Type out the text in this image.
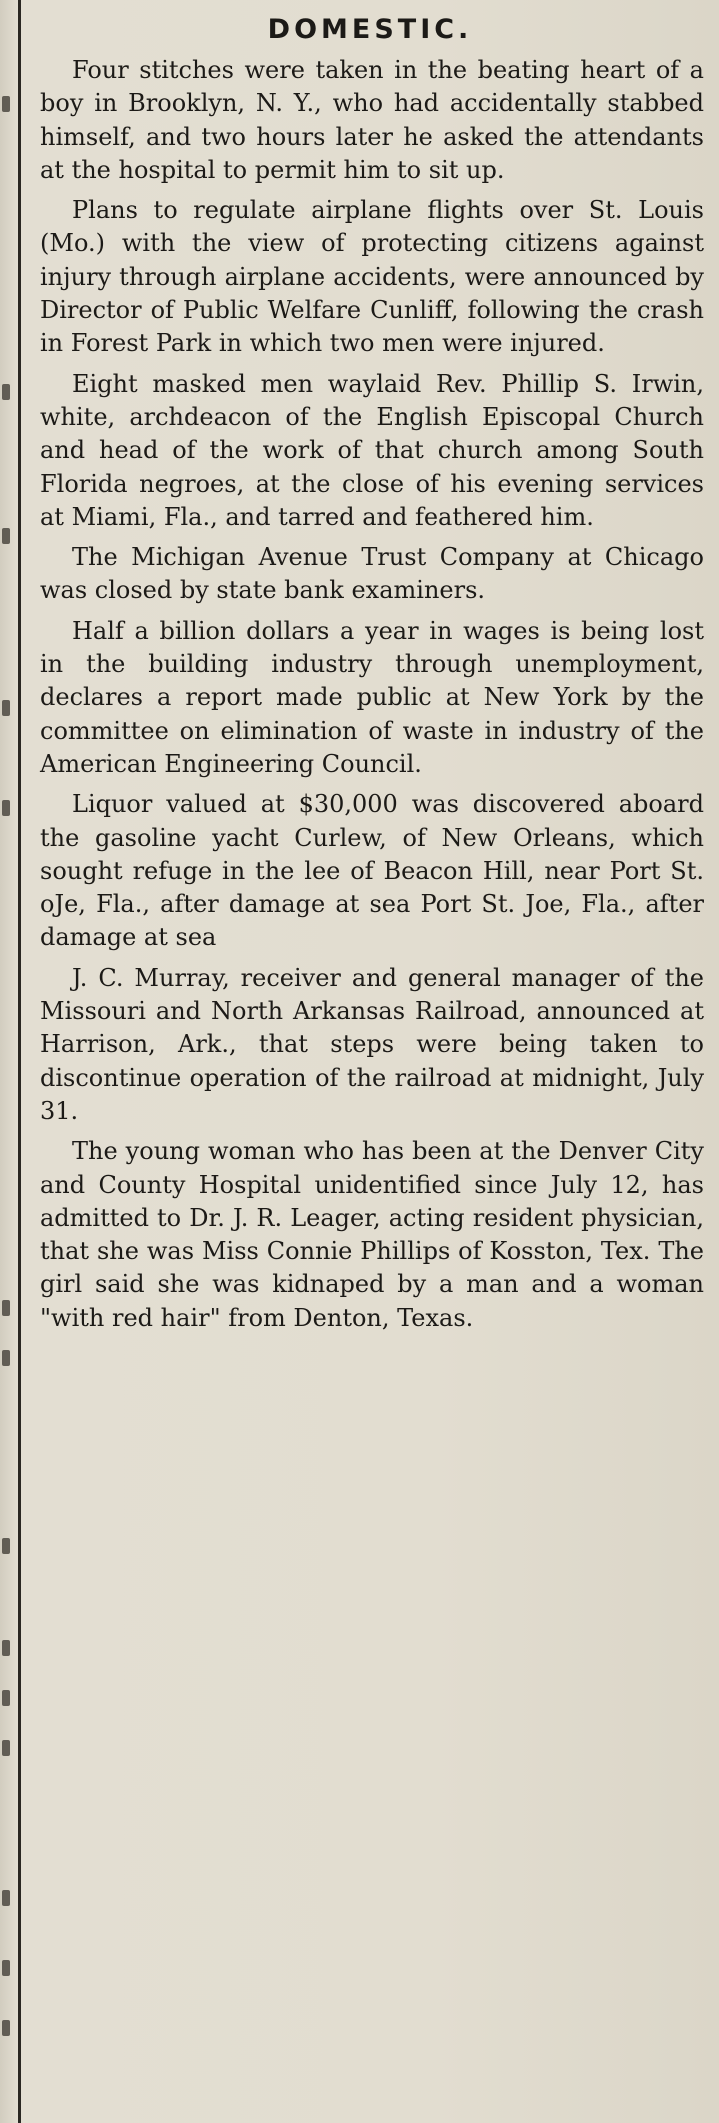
DOMESTIC.

Four stitches were taken in the beating heart of a boy in Brooklyn, N. Y., who had accidentally stabbed himself, and two hours later he asked the attendants at the hospital to permit him to sit up.

Plans to regulate airplane flights over St. Louis (Mo.) with the view of protecting citizens against injury through airplane accidents, were announced by Director of Public Welfare Cunliff, following the crash in Forest Park in which two men were injured.

Eight masked men waylaid Rev. Phillip S. Irwin, white, archdeacon of the English Episcopal Church and head of the work of that church among South Florida negroes, at the close of his evening services at Miami, Fla., and tarred and feathered him.

The Michigan Avenue Trust Company at Chicago was closed by state bank examiners.

Half a billion dollars a year in wages is being lost in the building industry through unemployment, declares a report made public at New York by the committee on elimination of waste in industry of the American Engineering Council.

Liquor valued at $30,000 was discovered aboard the gasoline yacht Curlew, of New Orleans, which sought refuge in the lee of Beacon Hill, near Port St. oJe, Fla., after damage at sea Port St. Joe, Fla., after damage at sea

J. C. Murray, receiver and general manager of the Missouri and North Arkansas Railroad, announced at Harrison, Ark., that steps were being taken to discontinue operation of the railroad at midnight, July 31.

The young woman who has been at the Denver City and County Hospital unidentified since July 12, has admitted to Dr. J. R. Leager, acting resident physician, that she was Miss Connie Phillips of Kosston, Tex. The girl said she was kidnaped by a man and a woman "with red hair" from Denton, Texas.
